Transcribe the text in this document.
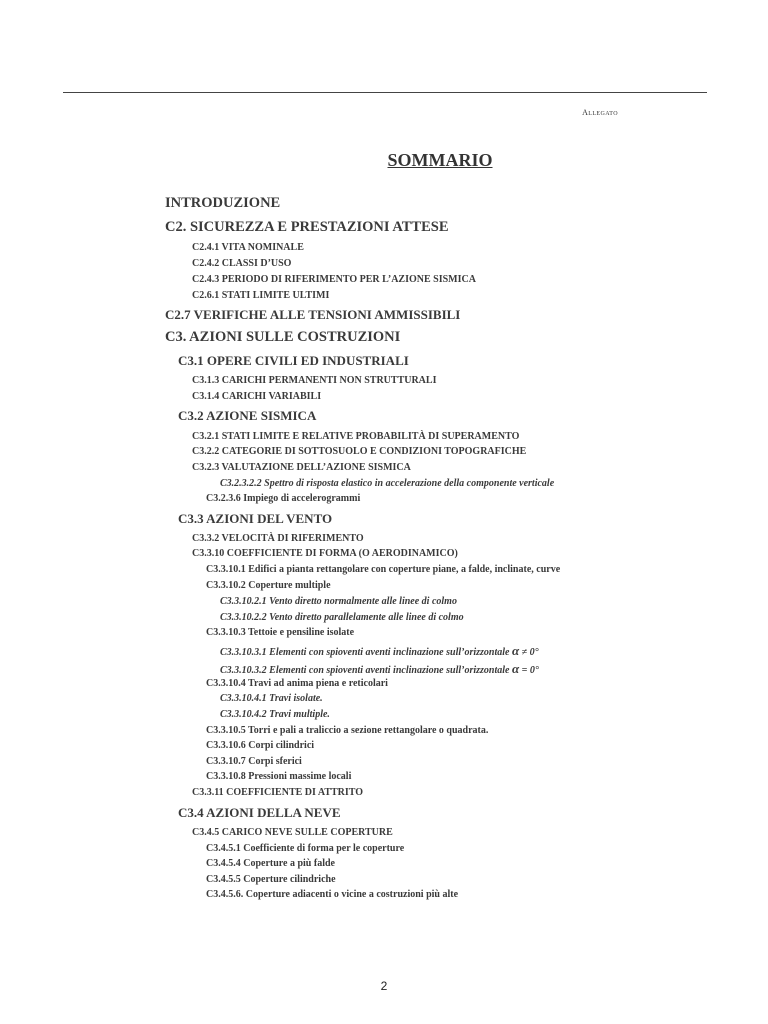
Allegato
SOMMARIO
INTRODUZIONE
C2. SICUREZZA E PRESTAZIONI ATTESE
C2.4.1 VITA NOMINALE
C2.4.2 CLASSI D’USO
C2.4.3 PERIODO DI RIFERIMENTO PER L’AZIONE SISMICA
C2.6.1 STATI LIMITE ULTIMI
C2.7 VERIFICHE ALLE TENSIONI AMMISSIBILI
C3. AZIONI SULLE COSTRUZIONI
C3.1 OPERE CIVILI ED INDUSTRIALI
C3.1.3 CARICHI PERMANENTI NON STRUTTURALI
C3.1.4 CARICHI VARIABILI
C3.2 AZIONE SISMICA
C3.2.1 STATI LIMITE E RELATIVE PROBABILITÀ DI SUPERAMENTO
C3.2.2 CATEGORIE DI SOTTOSUOLO E CONDIZIONI TOPOGRAFICHE
C3.2.3 VALUTAZIONE DELL’AZIONE SISMICA
C3.2.3.2.2 Spettro di risposta elastico in accelerazione della componente verticale
C3.2.3.6 Impiego di accelerogrammi
C3.3 AZIONI DEL VENTO
C3.3.2 VELOCITÀ DI RIFERIMENTO
C3.3.10 COEFFICIENTE DI FORMA (O AERODINAMICO)
C3.3.10.1 Edifici a pianta rettangolare con coperture piane, a falde, inclinate, curve
C3.3.10.2 Coperture multiple
C3.3.10.2.1 Vento diretto normalmente alle linee di colmo
C3.3.10.2.2 Vento diretto parallelamente alle linee di colmo
C3.3.10.3 Tettoie e pensiline isolate
C3.3.10.3.1 Elementi con spioventi aventi inclinazione sull’orizzontale α ≠ 0°
C3.3.10.3.2 Elementi con spioventi aventi inclinazione sull’orizzontale α = 0°
C3.3.10.4 Travi ad anima piena e reticolari
C3.3.10.4.1 Travi isolate.
C3.3.10.4.2 Travi multiple.
C3.3.10.5 Torri e pali a traliccio a sezione rettangolare o quadrata.
C3.3.10.6 Corpi cilindrici
C3.3.10.7 Corpi sferici
C3.3.10.8 Pressioni massime locali
C3.3.11 COEFFICIENTE DI ATTRITO
C3.4 AZIONI DELLA NEVE
C3.4.5 CARICO NEVE SULLE COPERTURE
C3.4.5.1 Coefficiente di forma per le coperture
C3.4.5.4 Coperture a più falde
C3.4.5.5 Coperture cilindriche
C3.4.5.6. Coperture adiacenti o vicine a costruzioni più alte
2
